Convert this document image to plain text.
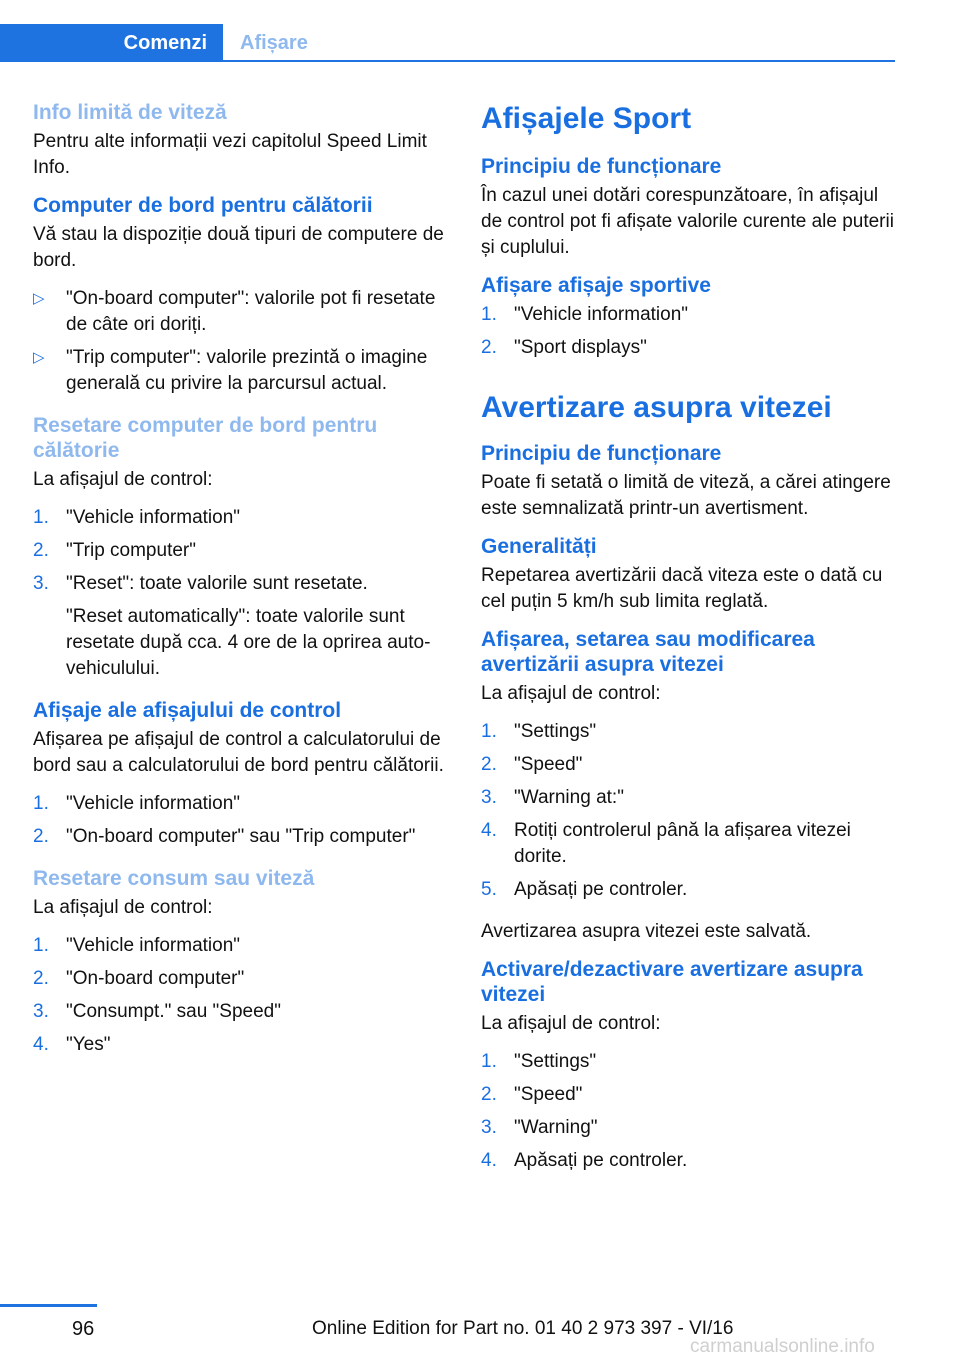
Comenzi	Afișare
Info limită de viteză

Pentru alte informații vezi capitolul Speed Limit Info.

Computer de bord pentru călătorii

Vă stau la dispoziție două tipuri de computere de bord.

▷ "On-board computer": valorile pot fi resetate de câte ori doriți.
▷ "Trip computer": valorile prezintă o imagine generală cu privire la parcursul actual.
Resetare computer de bord pentru călătorie

La afișajul de control:

1. "Vehicle information"
2. "Trip computer"
3. "Reset": toate valorile sunt resetate.
"Reset automatically": toate valorile sunt resetate după cca. 4 ore de la oprirea autovehiculului.
Afișaje ale afișajului de control

Afișarea pe afișajul de control a calculatorului de bord sau a calculatorului de bord pentru călătorii.

1. "Vehicle information"
2. "On-board computer" sau "Trip computer"
Resetare consum sau viteză

La afișajul de control:

1. "Vehicle information"
2. "On-board computer"
3. "Consumpt." sau "Speed"
4. "Yes"
Afișajele Sport
Principiu de funcționare

În cazul unei dotări corespunzătoare, în afișajul de control pot fi afișate valorile curente ale puterii și cuplului.

Afișare afișaje sportive
1. "Vehicle information"
2. "Sport displays"
Avertizare asupra vitezei
Principiu de funcționare

Poate fi setată o limită de viteză, a cărei atingere este semnalizată printr-un avertisment.

Generalități

Repetarea avertizării dacă viteza este o dată cu cel puțin 5 km/h sub limita reglată.

Afișarea, setarea sau modificarea avertizării asupra vitezei

La afișajul de control:

1. "Settings"
2. "Speed"
3. "Warning at:"
4. Rotiți controlerul până la afișarea vitezei dorite.
5. Apăsați pe controler.

Avertizarea asupra vitezei este salvată.

Activare/dezactivare avertizare asupra vitezei

La afișajul de control:

1. "Settings"
2. "Speed"
3. "Warning"
4. Apăsați pe controler.
96	Online Edition for Part no. 01 40 2 973 397 - VI/16
carmanualsonline.info
